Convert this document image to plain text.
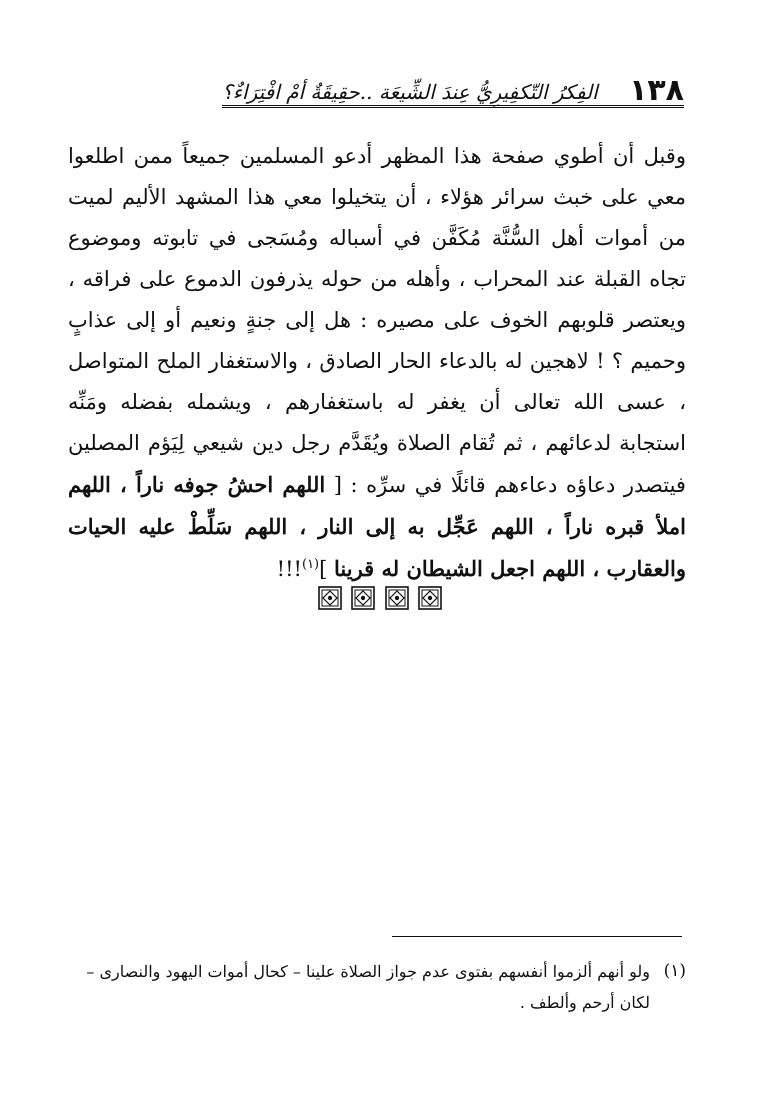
١٣٨
الفِكرُ التّكفِيرِيُّ عِندَ الشِّيعَة ..حقِيقَةٌ أمْ افْتِرَاءٌ؟
وقبل أن أطوي صفحة هذا المظهر أدعو المسلمين جميعاً ممن اطلعوا معي على خبث سرائر هؤلاء ، أن يتخيلوا معي هذا المشهد الأليم لميت من أموات أهل السُّنَّة مُكَفَّن في أسباله ومُسَجى في تابوته وموضوع تجاه القبلة عند المحراب ، وأهله من حوله يذرفون الدموع على فراقه ، ويعتصر قلوبهم الخوف على مصيره : هل إلى جنةٍ ونعيم أو إلى عذابٍ وحميم ؟ ! لاهجين له بالدعاء الحار الصادق ، والاستغفار الملح المتواصل ، عسى الله تعالى أن يغفر له باستغفارهم ، ويشمله بفضله ومَنِّه استجابة لدعائهم ، ثم تُقام الصلاة ويُقَدَّم رجل دين شيعي لِيَؤم المصلين فيتصدر دعاؤه دعاءهم قائلًا في سرِّه : [ اللهم احشُ جوفه ناراً ، اللهم املأ قبره ناراً ، اللهم عَجِّل به إلى النار ، اللهم سَلِّطْ عليه الحيات والعقارب ، اللهم اجعل الشيطان له قرينا ]$^{(١)}$!!!
(١)
ولو أنهم ألزموا أنفسهم بفتوى عدم جواز الصلاة علينا – كحال أموات اليهود والنصارى – لكان أرحم وألطف .
